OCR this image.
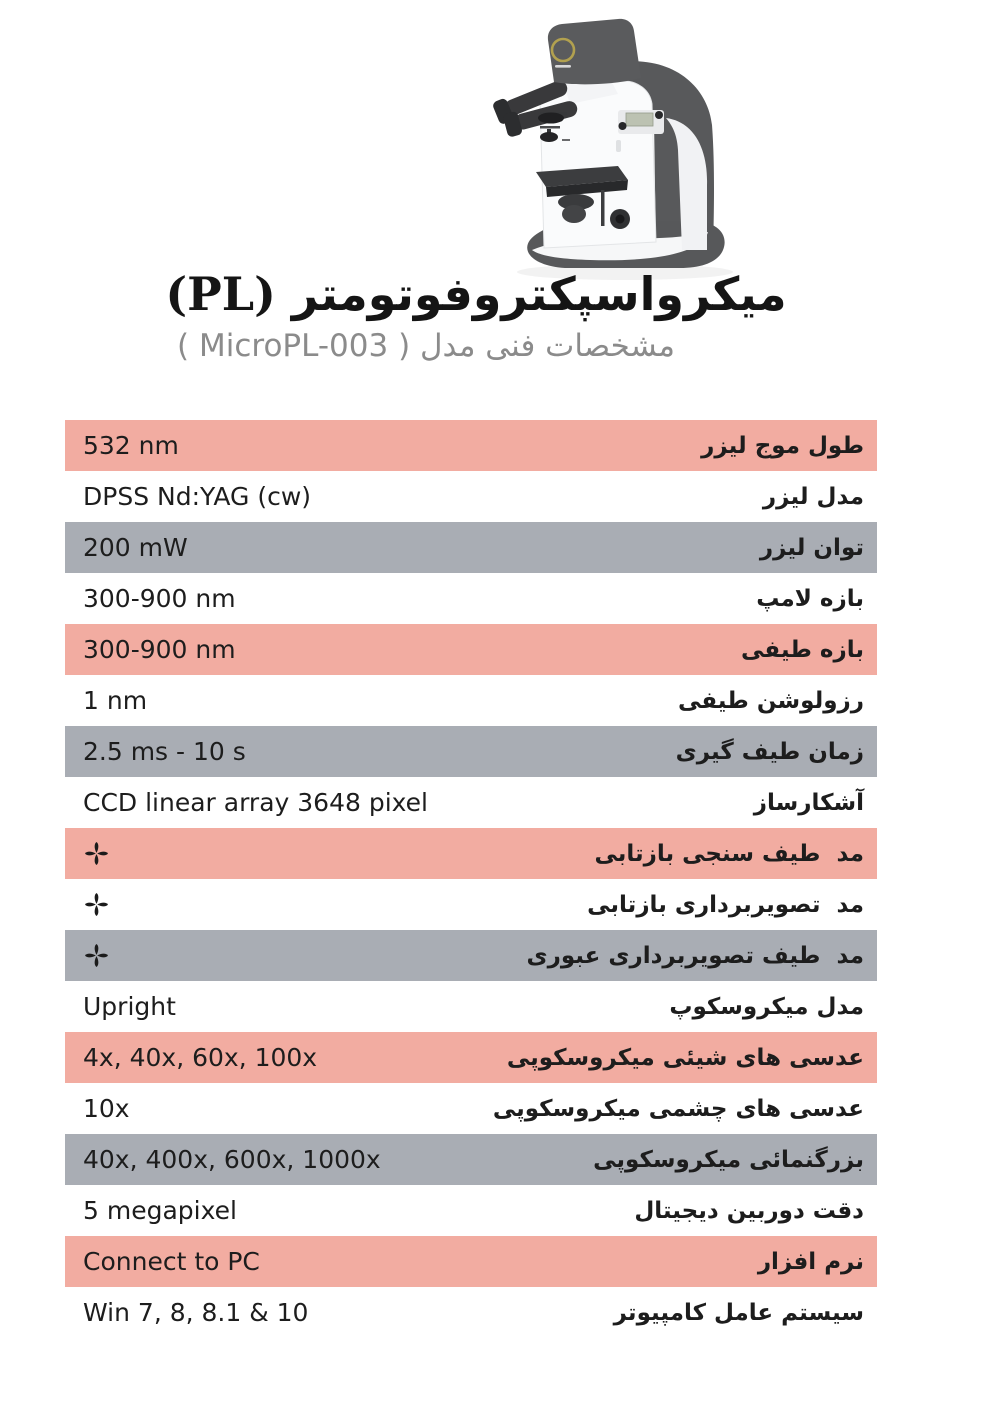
میکرواسپکتروفوتومتر (PL)
مشخصات فنی مدل ( MicroPL-003 )
532 nm	طول موج لیزر
DPSS Nd:YAG (cw)	مدل لیزر
200 mW	توان لیزر
300-900 nm	بازه لامپ
300-900 nm	بازه طیفی
1 nm	رزولوشن طیفی
2.5 ms - 10 s	زمان طیف گیری
CCD linear array 3648 pixel	آشکارساز
مد  طیف سنجی بازتابی
مد  تصویربرداری بازتابی
مد  طیف تصویربرداری عبوری
Upright	مدل میکروسکوپ
4x, 40x, 60x, 100x	عدسی های شیئی میکروسکوپی
10x	عدسی های چشمی میکروسکوپی
40x, 400x, 600x, 1000x	بزرگنمائی میکروسکوپی
5 megapixel	دقت دوربین دیجیتال
Connect to PC	نرم افزار
Win 7, 8, 8.1 & 10	سیستم عامل کامپیوتر
